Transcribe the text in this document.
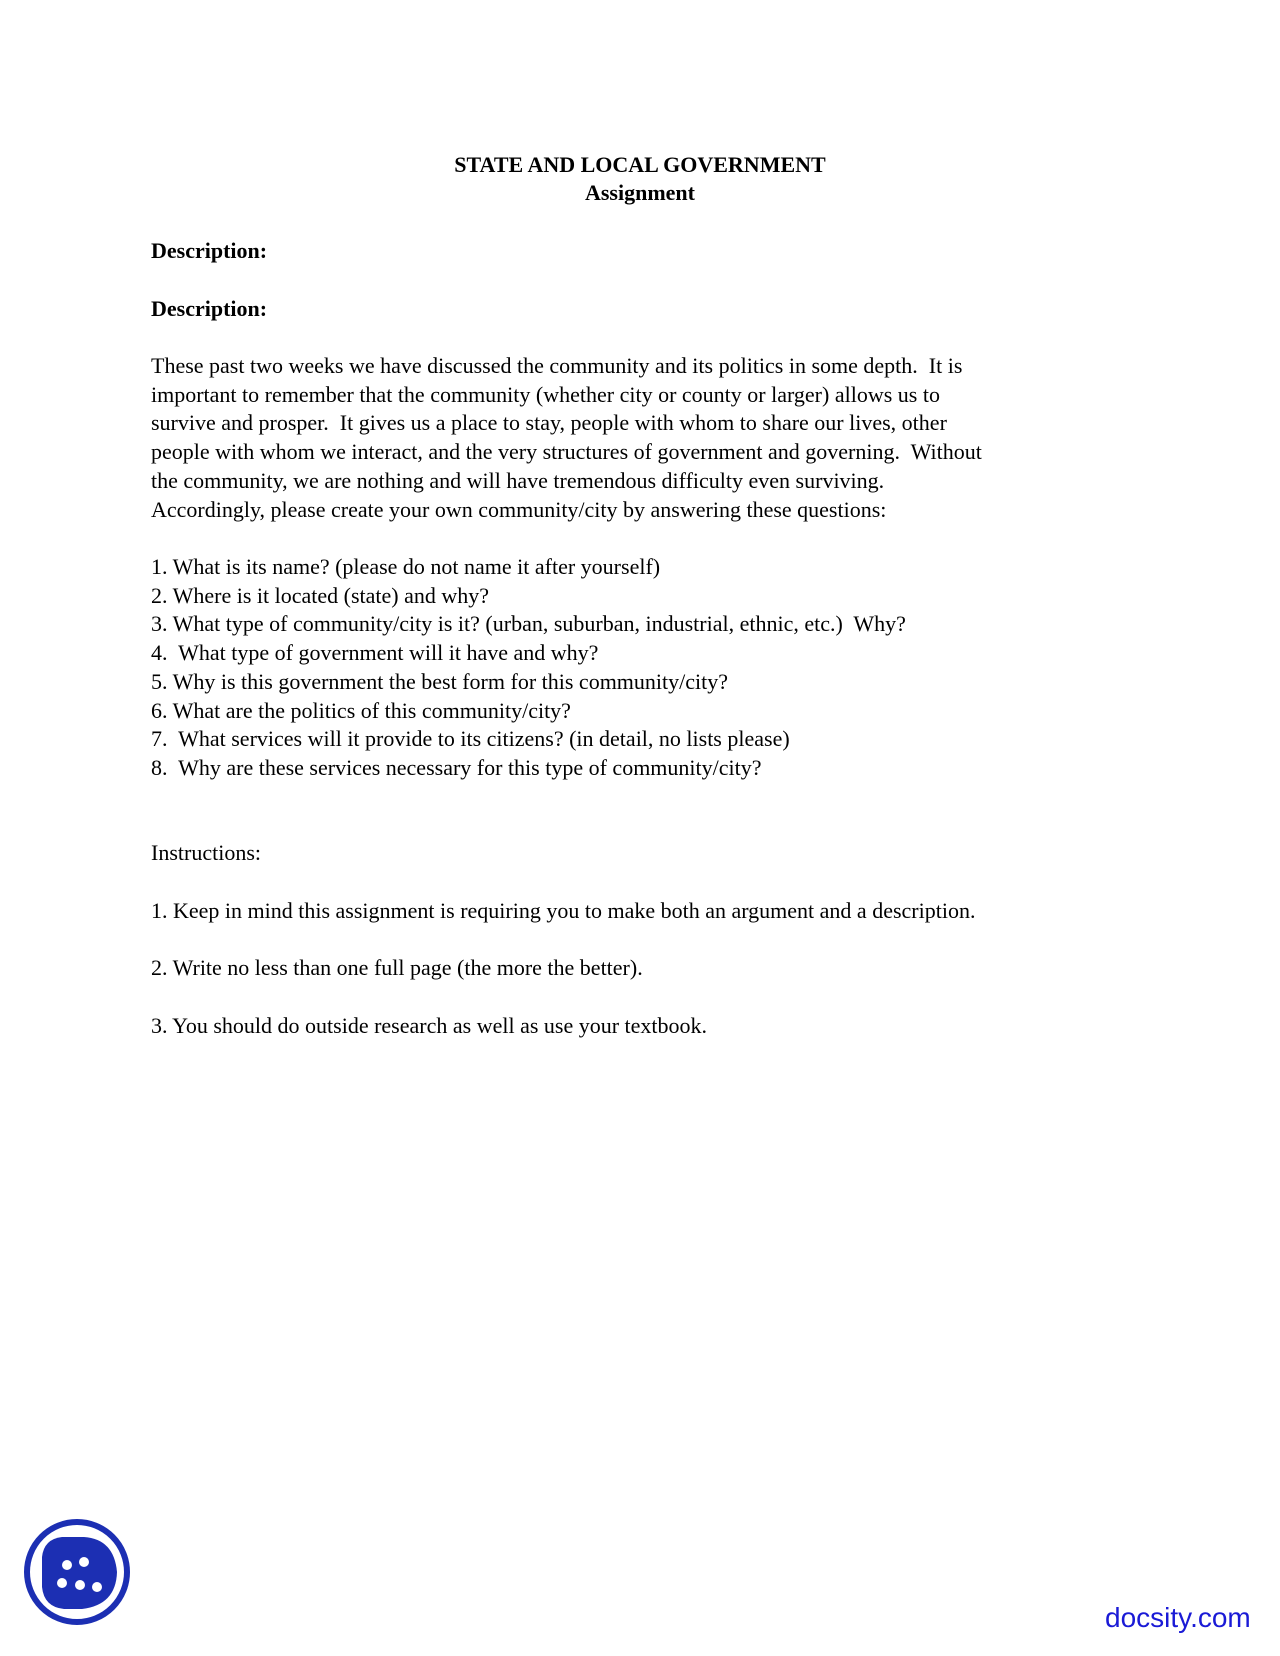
STATE AND LOCAL GOVERNMENT
Assignment
Description:
Description:
These past two weeks we have discussed the community and its politics in some depth.  It is
important to remember that the community (whether city or county or larger) allows us to
survive and prosper.  It gives us a place to stay, people with whom to share our lives, other
people with whom we interact, and the very structures of government and governing.  Without
the community, we are nothing and will have tremendous difficulty even surviving.
Accordingly, please create your own community/city by answering these questions:
1. What is its name? (please do not name it after yourself)
2. Where is it located (state) and why?
3. What type of community/city is it? (urban, suburban, industrial, ethnic, etc.)  Why?
4.  What type of government will it have and why?
5. Why is this government the best form for this community/city?
6. What are the politics of this community/city?
7.  What services will it provide to its citizens? (in detail, no lists please)
8.  Why are these services necessary for this type of community/city?
Instructions:
1. Keep in mind this assignment is requiring you to make both an argument and a description.
2. Write no less than one full page (the more the better).
3. You should do outside research as well as use your textbook.
docsity.com
